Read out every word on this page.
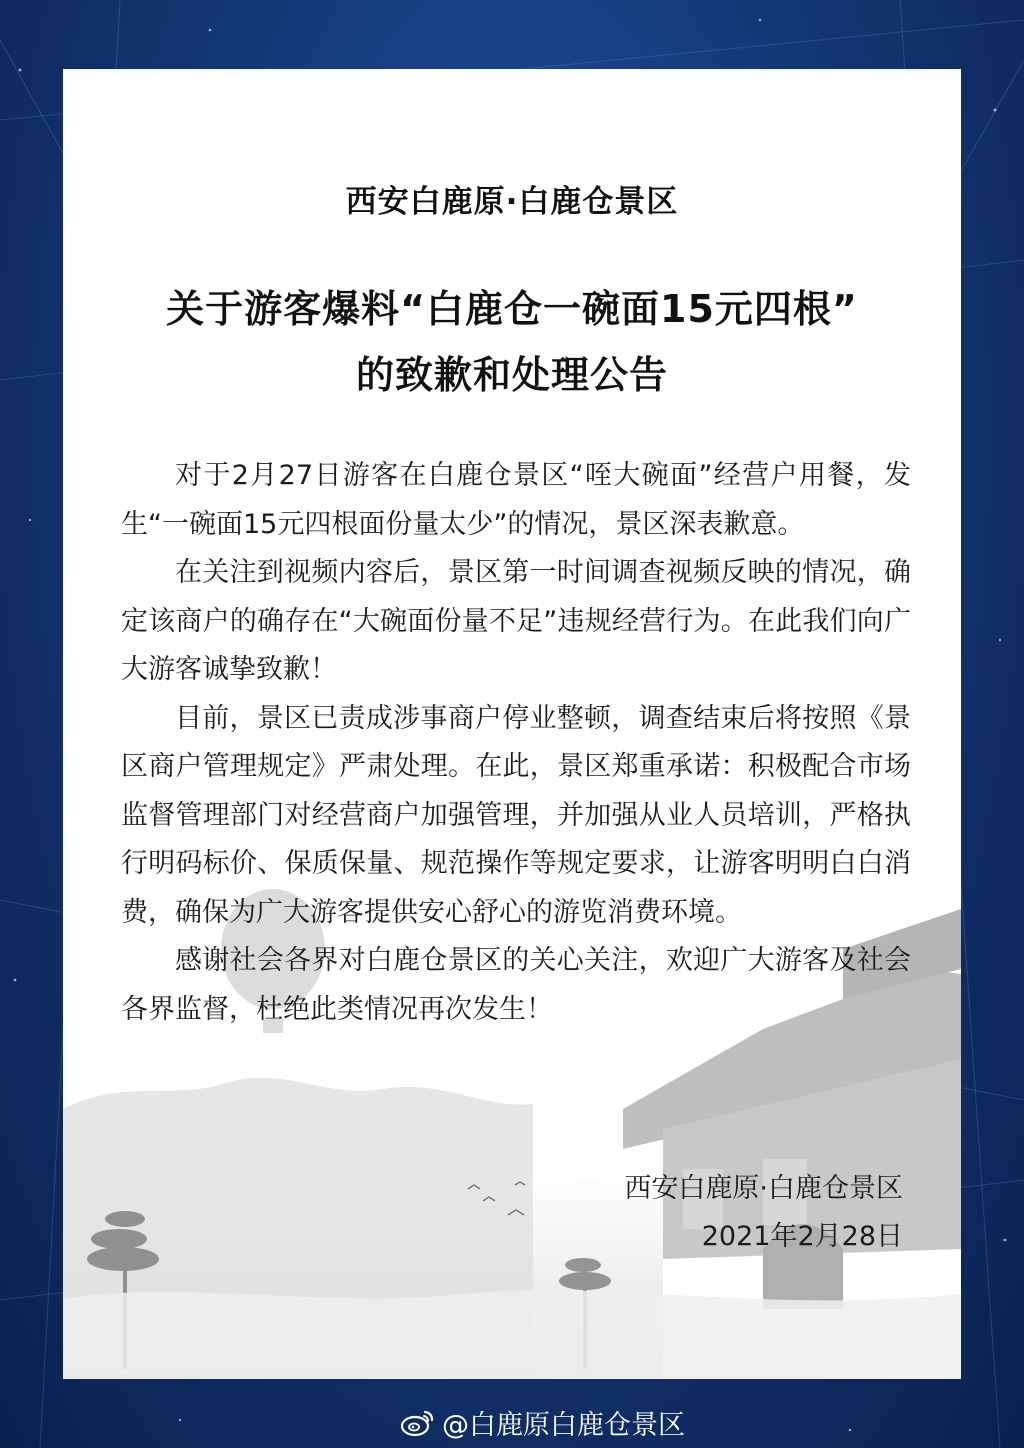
西安白鹿原·白鹿仓景区
关于游客爆料“白鹿仓一碗面15元四根”
的致歉和处理公告

对于2月27日游客在白鹿仓景区“咥大碗面”经营户用餐，发生“一碗面15元四根面份量太少”的情况，景区深表歉意。

在关注到视频内容后，景区第一时间调查视频反映的情况，确定该商户的确存在“大碗面份量不足”违规经营行为。在此我们向广大游客诚挚致歉！

目前，景区已责成涉事商户停业整顿，调查结束后将按照《景区商户管理规定》严肃处理。在此，景区郑重承诺：积极配合市场监督管理部门对经营商户加强管理，并加强从业人员培训，严格执行明码标价、保质保量、规范操作等规定要求，让游客明明白白消费，确保为广大游客提供安心舒心的游览消费环境。

感谢社会各界对白鹿仓景区的关心关注，欢迎广大游客及社会各界监督，杜绝此类情况再次发生！

西安白鹿原·白鹿仓景区
2021年2月28日
@白鹿原白鹿仓景区
